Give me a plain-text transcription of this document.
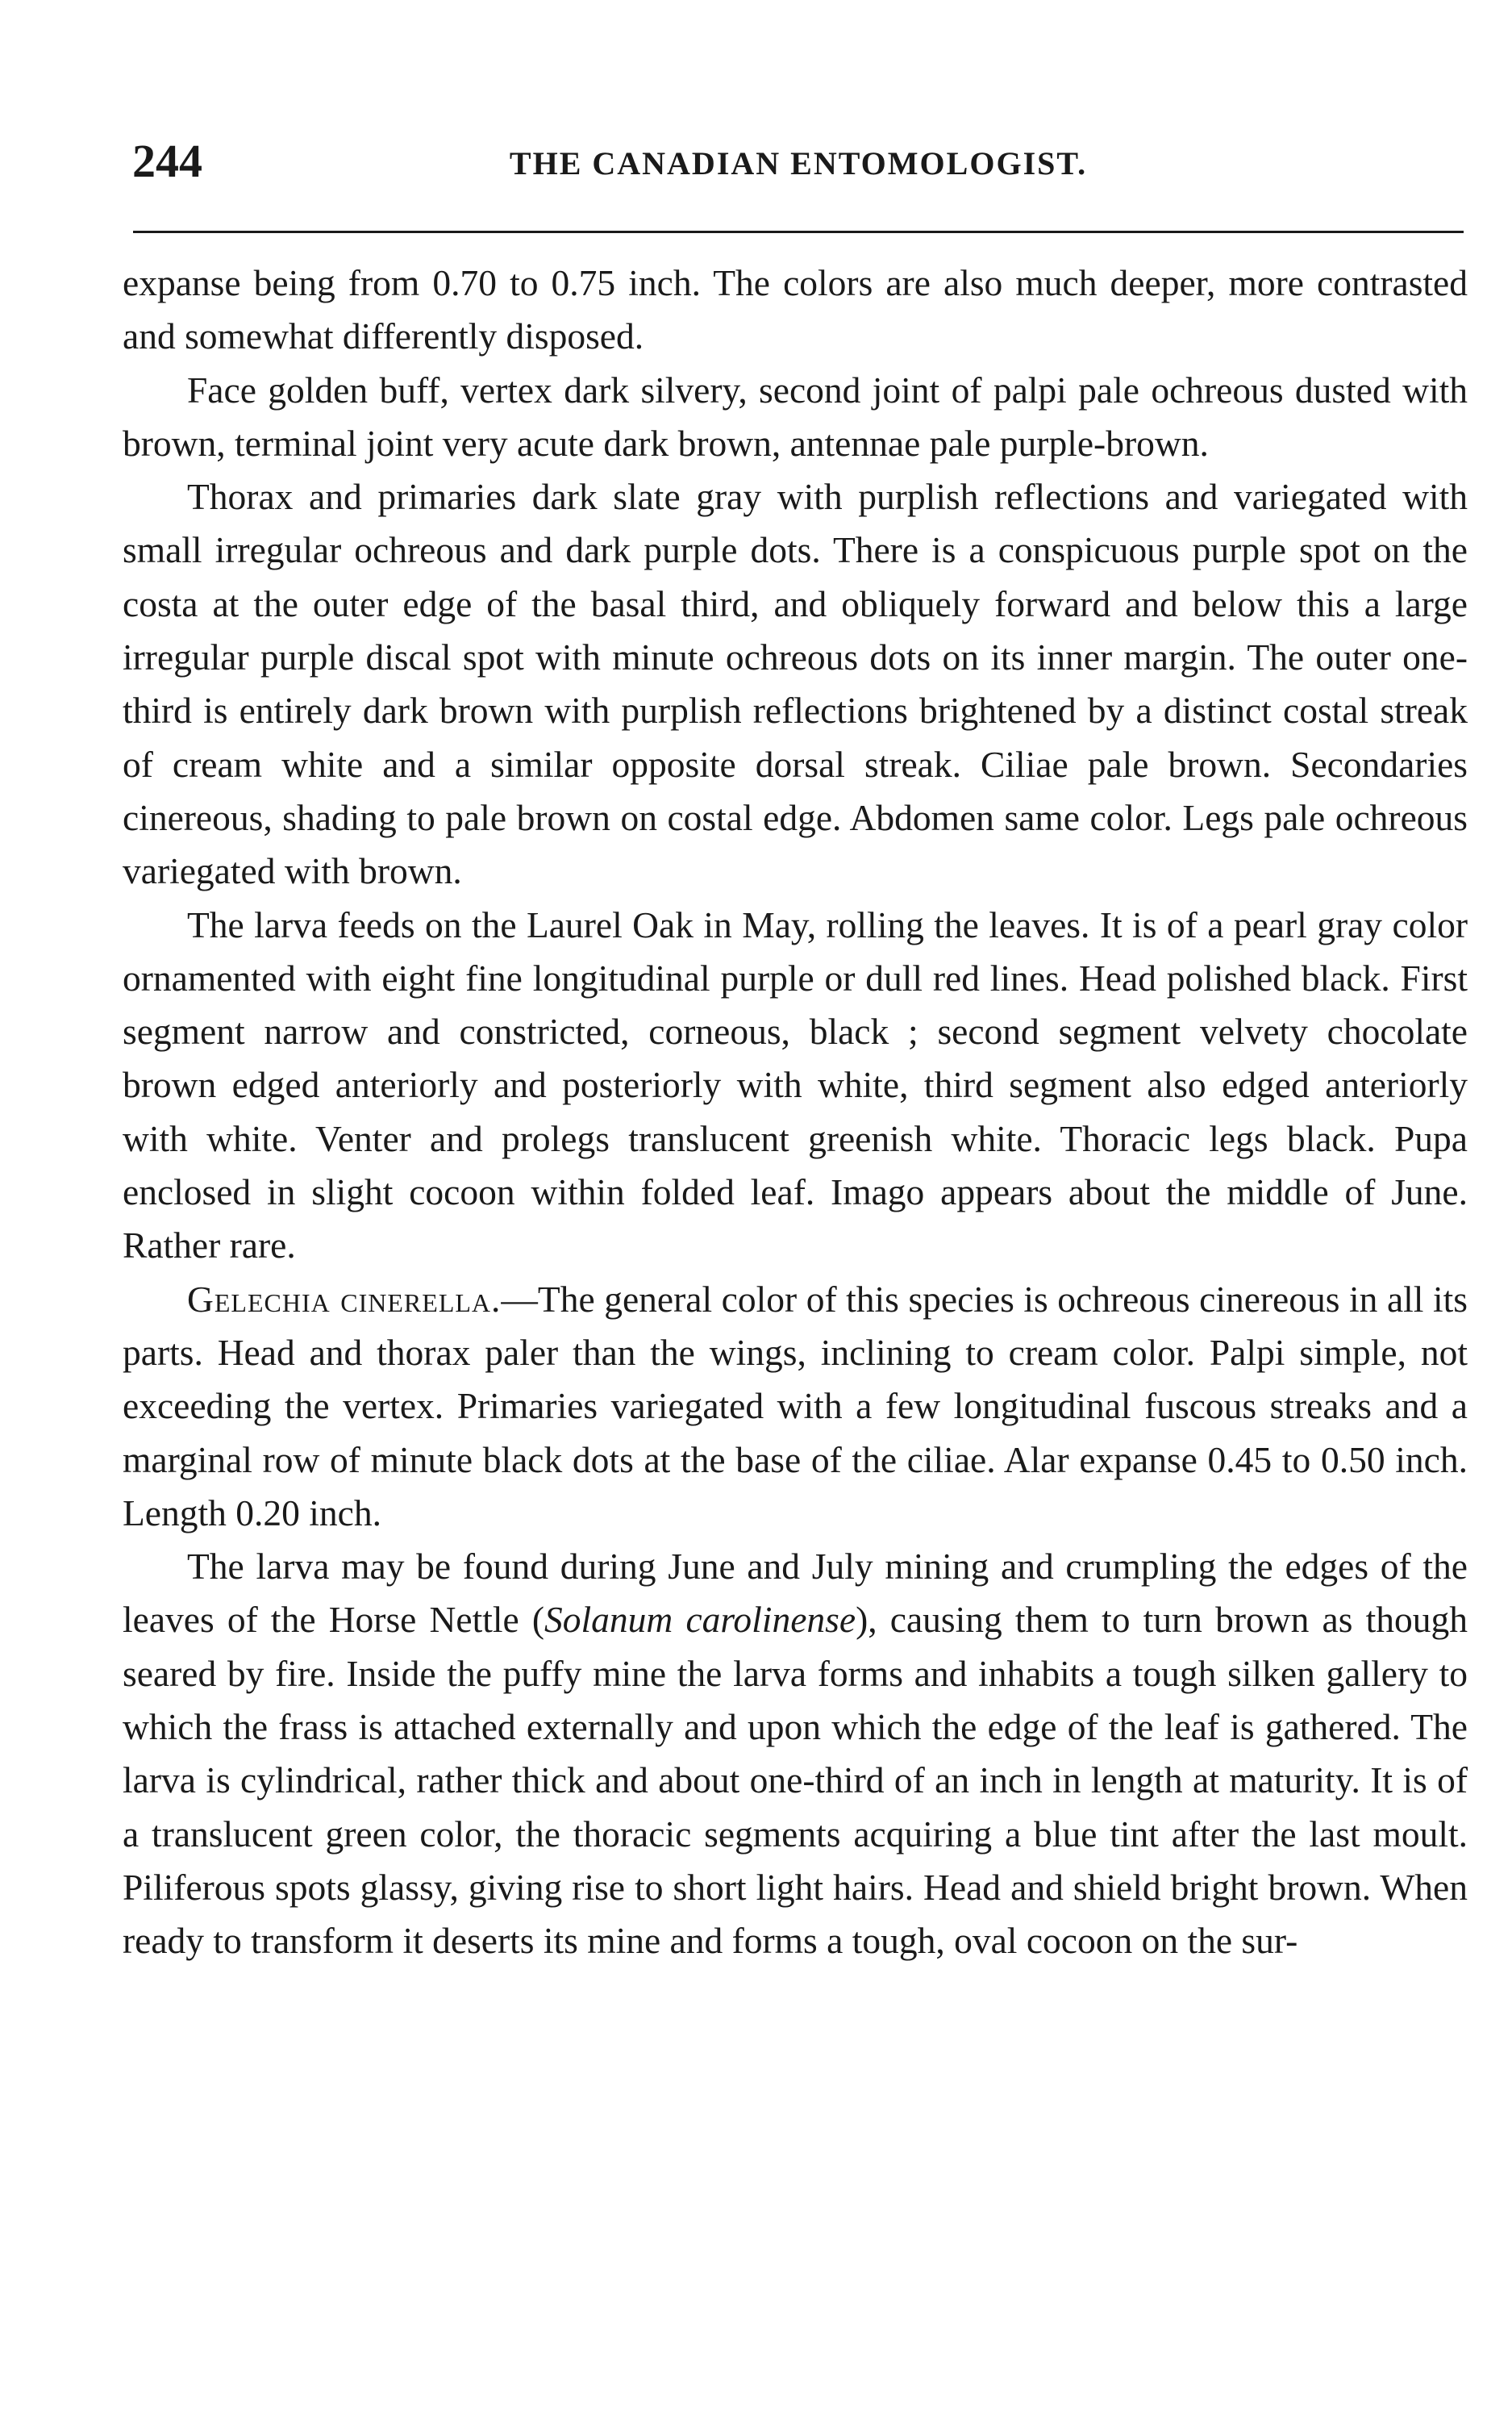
244	THE CANADIAN ENTOMOLOGIST.

expanse being from 0.70 to 0.75 inch. The colors are also much deeper, more contrasted and somewhat differently disposed.

Face golden buff, vertex dark silvery, second joint of palpi pale ochreous dusted with brown, terminal joint very acute dark brown, antennae pale purple-brown.

Thorax and primaries dark slate gray with purplish reflections and variegated with small irregular ochreous and dark purple dots. There is a conspicuous purple spot on the costa at the outer edge of the basal third, and obliquely forward and below this a large irregular purple discal spot with minute ochreous dots on its inner margin. The outer one-third is entirely dark brown with purplish reflections brightened by a distinct costal streak of cream white and a similar opposite dorsal streak. Ciliae pale brown. Secondaries cinereous, shading to pale brown on costal edge. Abdomen same color. Legs pale ochreous variegated with brown.

The larva feeds on the Laurel Oak in May, rolling the leaves. It is of a pearl gray color ornamented with eight fine longitudinal purple or dull red lines. Head polished black. First segment narrow and constricted, corneous, black ; second segment velvety chocolate brown edged anteriorly and posteriorly with white, third segment also edged anteriorly with white. Venter and prolegs translucent greenish white. Thoracic legs black. Pupa enclosed in slight cocoon within folded leaf. Imago appears about the middle of June. Rather rare.

Gelechia cinerella.—The general color of this species is ochreous cinereous in all its parts. Head and thorax paler than the wings, inclining to cream color. Palpi simple, not exceeding the vertex. Primaries variegated with a few longitudinal fuscous streaks and a marginal row of minute black dots at the base of the ciliae. Alar expanse 0.45 to 0.50 inch. Length 0.20 inch.

The larva may be found during June and July mining and crumpling the edges of the leaves of the Horse Nettle (Solanum carolinense), causing them to turn brown as though seared by fire. Inside the puffy mine the larva forms and inhabits a tough silken gallery to which the frass is attached externally and upon which the edge of the leaf is gathered. The larva is cylindrical, rather thick and about one-third of an inch in length at maturity. It is of a translucent green color, the thoracic segments acquiring a blue tint after the last moult. Piliferous spots glassy, giving rise to short light hairs. Head and shield bright brown. When ready to transform it deserts its mine and forms a tough, oval cocoon on the sur-
